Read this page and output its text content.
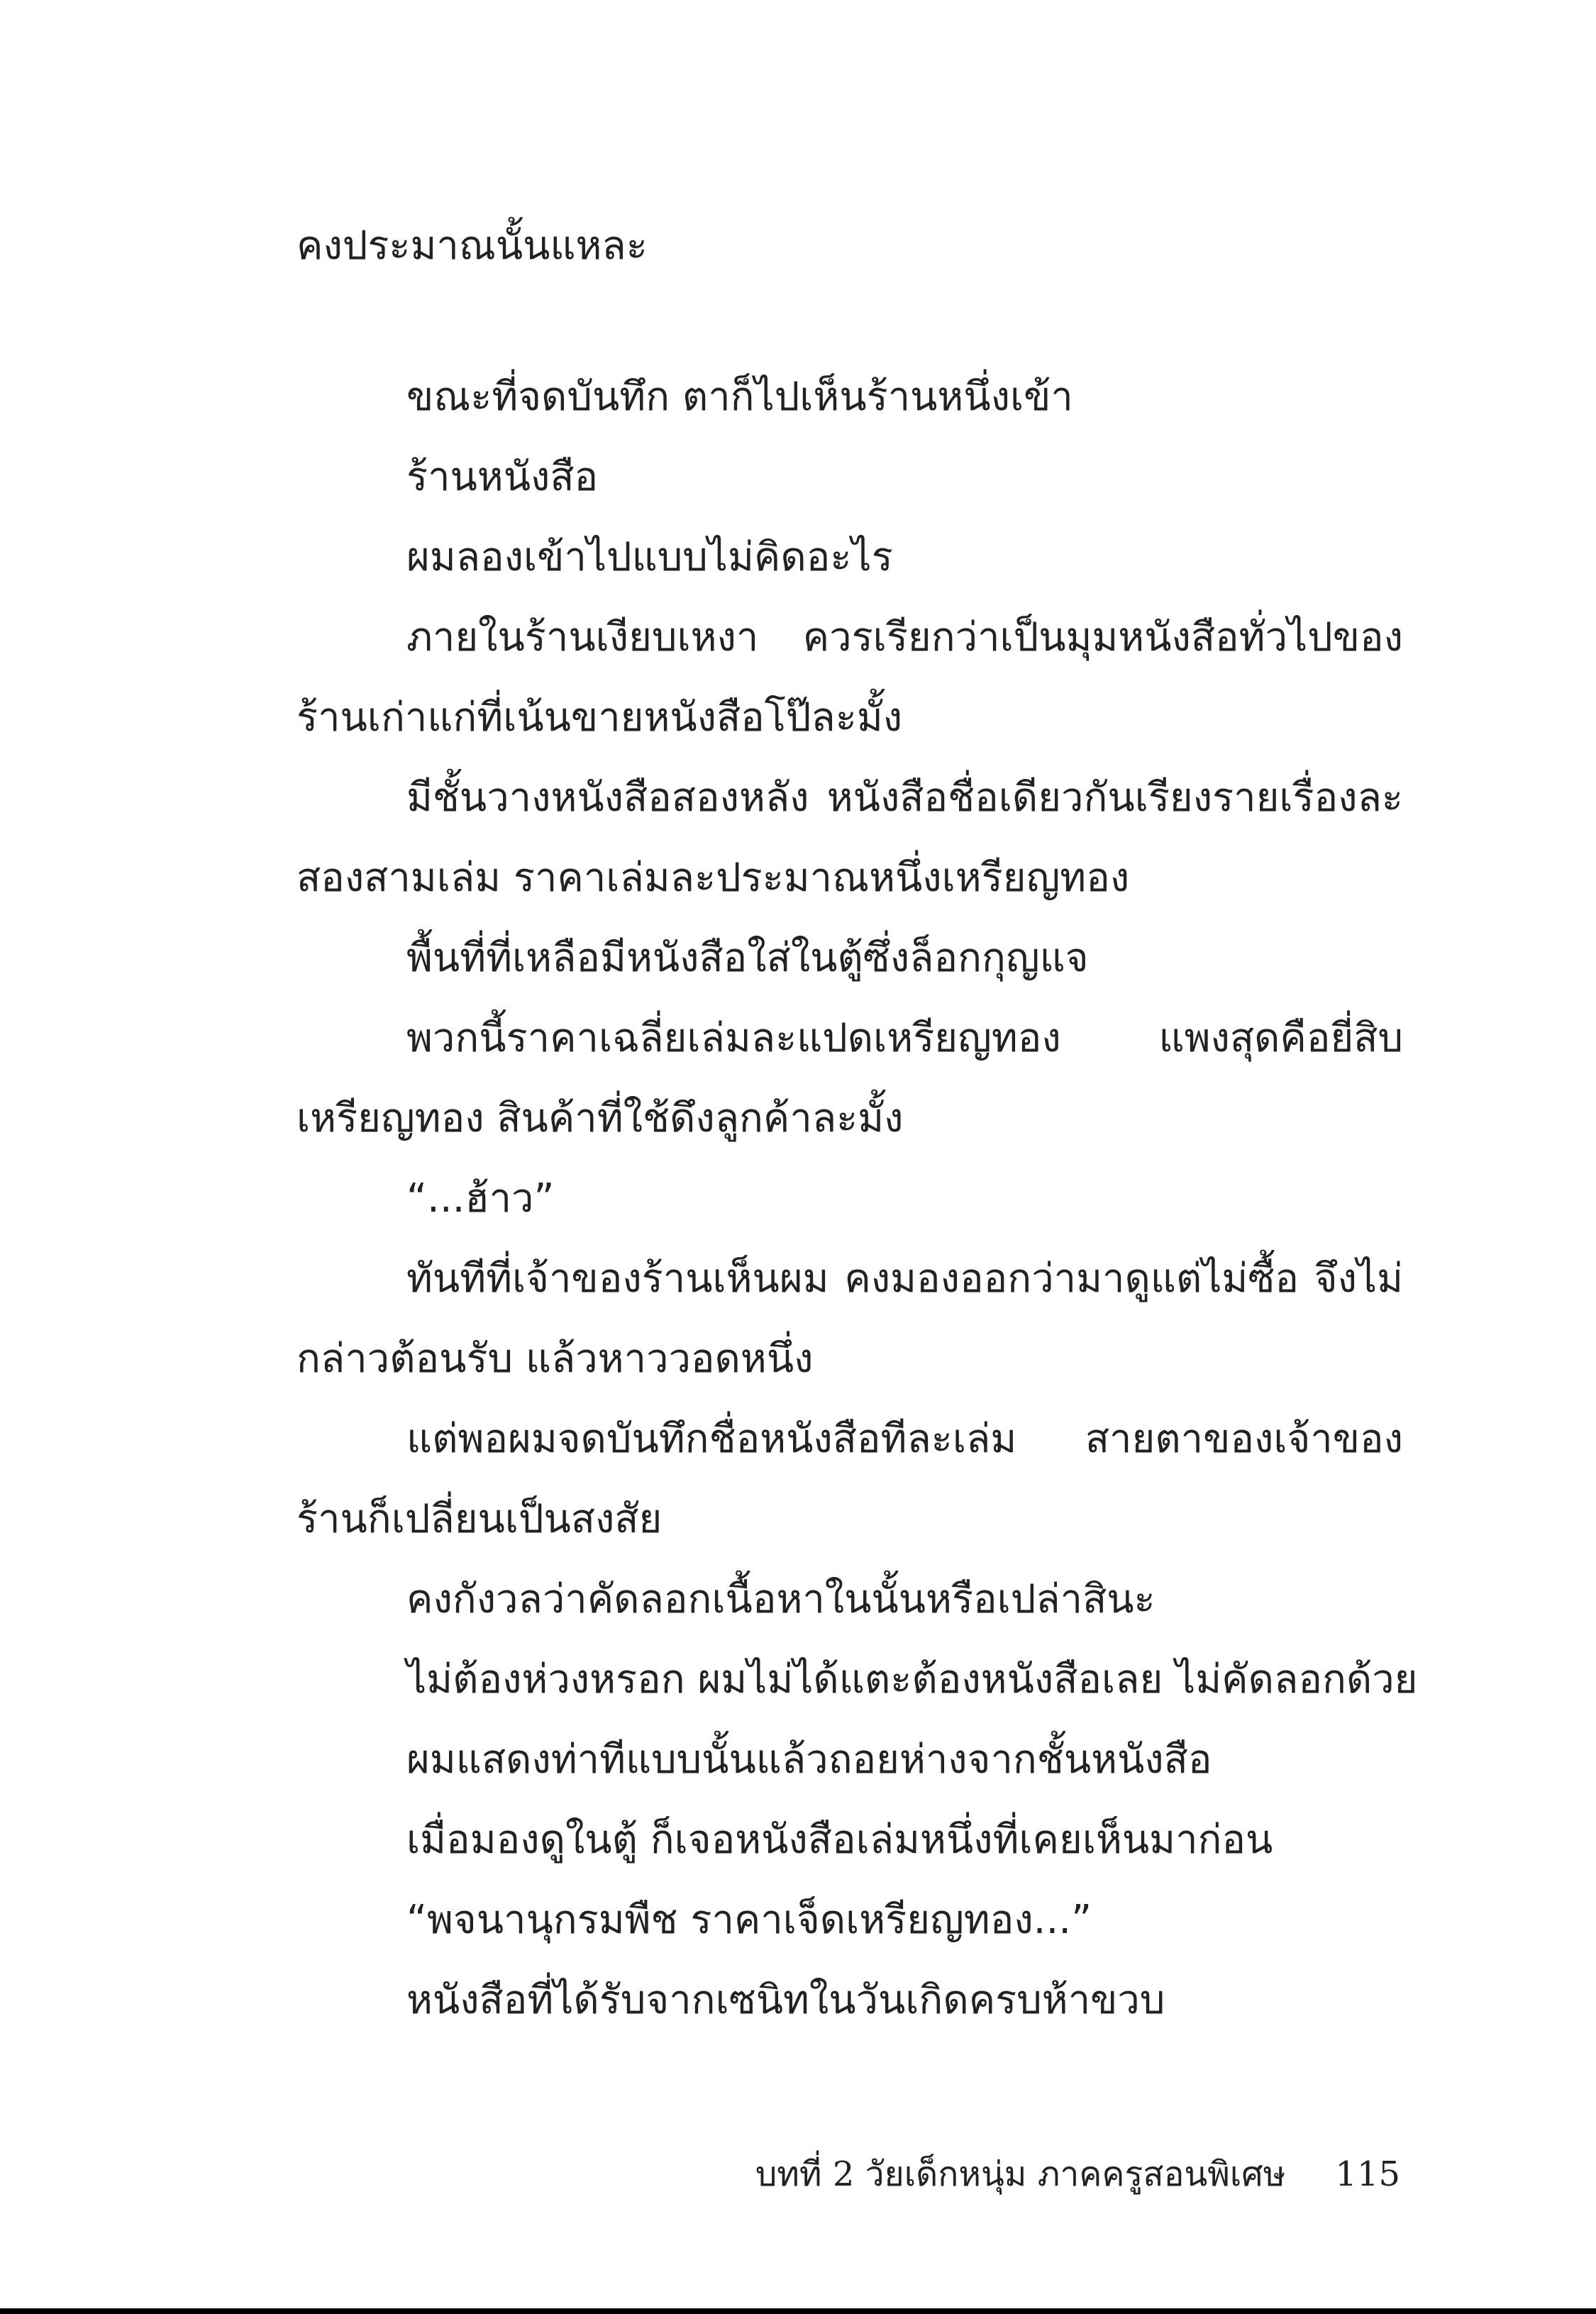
คงประมาณนั้นแหละ

ขณะที่จดบันทึก ตาก็ไปเห็นร้านหนึ่งเข้า

ร้านหนังสือ

ผมลองเข้าไปแบบไม่คิดอะไร

ภายในร้านเงียบเหงา ควรเรียกว่าเป็นมุมหนังสือทั่วไปของร้านเก่าแก่ที่เน้นขายหนังสือโป๊ละมั้ง

มีชั้นวางหนังสือสองหลัง หนังสือชื่อเดียวกันเรียงรายเรื่องละสองสามเล่ม ราคาเล่มละประมาณหนึ่งเหรียญทอง

พื้นที่ที่เหลือมีหนังสือใส่ในตู้ซึ่งล็อกกุญแจ

พวกนี้ราคาเฉลี่ยเล่มละแปดเหรียญทอง แพงสุดคือยี่สิบเหรียญทอง สินค้าที่ใช้ดึงลูกค้าละมั้ง

“...ฮ้าว”

ทันทีที่เจ้าของร้านเห็นผม คงมองออกว่ามาดูแต่ไม่ซื้อ จึงไม่กล่าวต้อนรับ แล้วหาววอดหนึ่ง

แต่พอผมจดบันทึกชื่อหนังสือทีละเล่ม สายตาของเจ้าของร้านก็เปลี่ยนเป็นสงสัย

คงกังวลว่าคัดลอกเนื้อหาในนั้นหรือเปล่าสินะ

ไม่ต้องห่วงหรอก ผมไม่ได้แตะต้องหนังสือเลย ไม่คัดลอกด้วย

ผมแสดงท่าทีแบบนั้นแล้วถอยห่างจากชั้นหนังสือ

เมื่อมองดูในตู้ ก็เจอหนังสือเล่มหนึ่งที่เคยเห็นมาก่อน

“พจนานุกรมพืช ราคาเจ็ดเหรียญทอง...”

หนังสือที่ได้รับจากเซนิทในวันเกิดครบห้าขวบ

บทที่ 2 วัยเด็กหนุ่ม ภาคครูสอนพิเศษ 115
